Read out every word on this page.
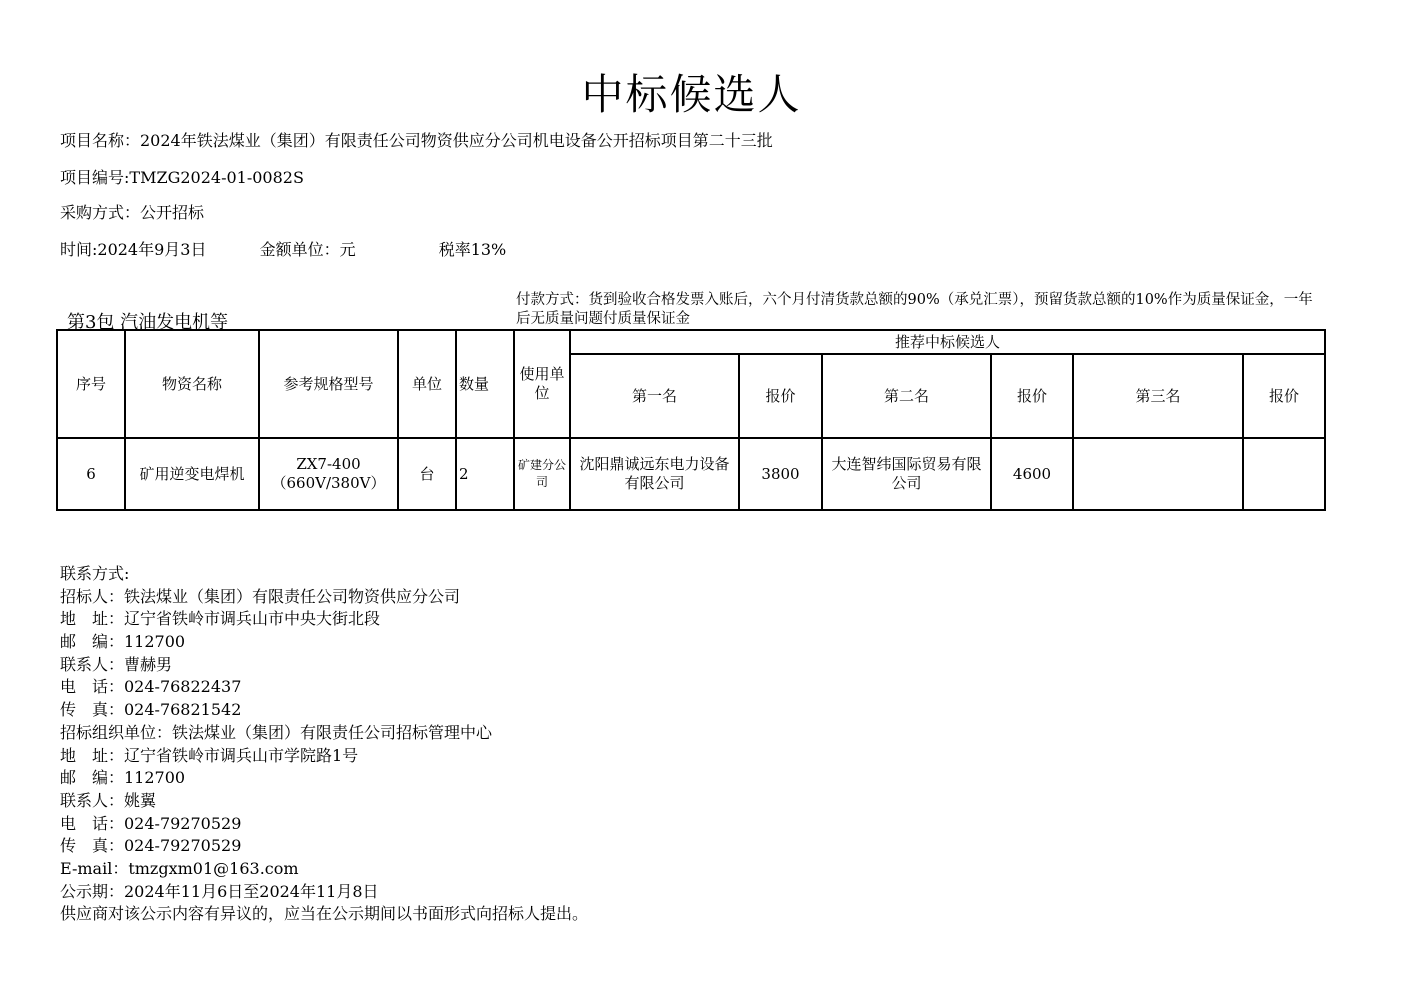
中标候选人
项目名称：2024年铁法煤业（集团）有限责任公司物资供应分公司机电设备公开招标项目第二十三批
项目编号:TMZG2024-01-0082S
采购方式：公开招标
时间:2024年9月3日	金额单位：元	税率13%
第3包 汽油发电机等
付款方式：货到验收合格发票入账后，六个月付清货款总额的90%（承兑汇票），预留货款总额的10%作为质量保证金，一年后无质量问题付质量保证金
序号	物资名称	参考规格型号	单位	数量	使用单位	推荐中标候选人					
						第一名	报价	第二名	报价	第三名	报价
6	矿用逆变电焊机	ZX7-400（660V/380V）	台	2	矿建分公司	沈阳鼎诚远东电力设备有限公司	3800	大连智纬国际贸易有限公司	4600		
联系方式:
招标人：铁法煤业（集团）有限责任公司物资供应分公司
地　址：辽宁省铁岭市调兵山市中央大街北段
邮　编：112700
联系人：曹赫男
电　话：024-76822437
传　真：024-76821542
招标组织单位：铁法煤业（集团）有限责任公司招标管理中心
地　址：辽宁省铁岭市调兵山市学院路1号
邮　编：112700
联系人：姚翼
电　话：024-79270529
传　真：024-79270529
E-mail：tmzgxm01@163.com
公示期：2024年11月6日至2024年11月8日
供应商对该公示内容有异议的，应当在公示期间以书面形式向招标人提出。
